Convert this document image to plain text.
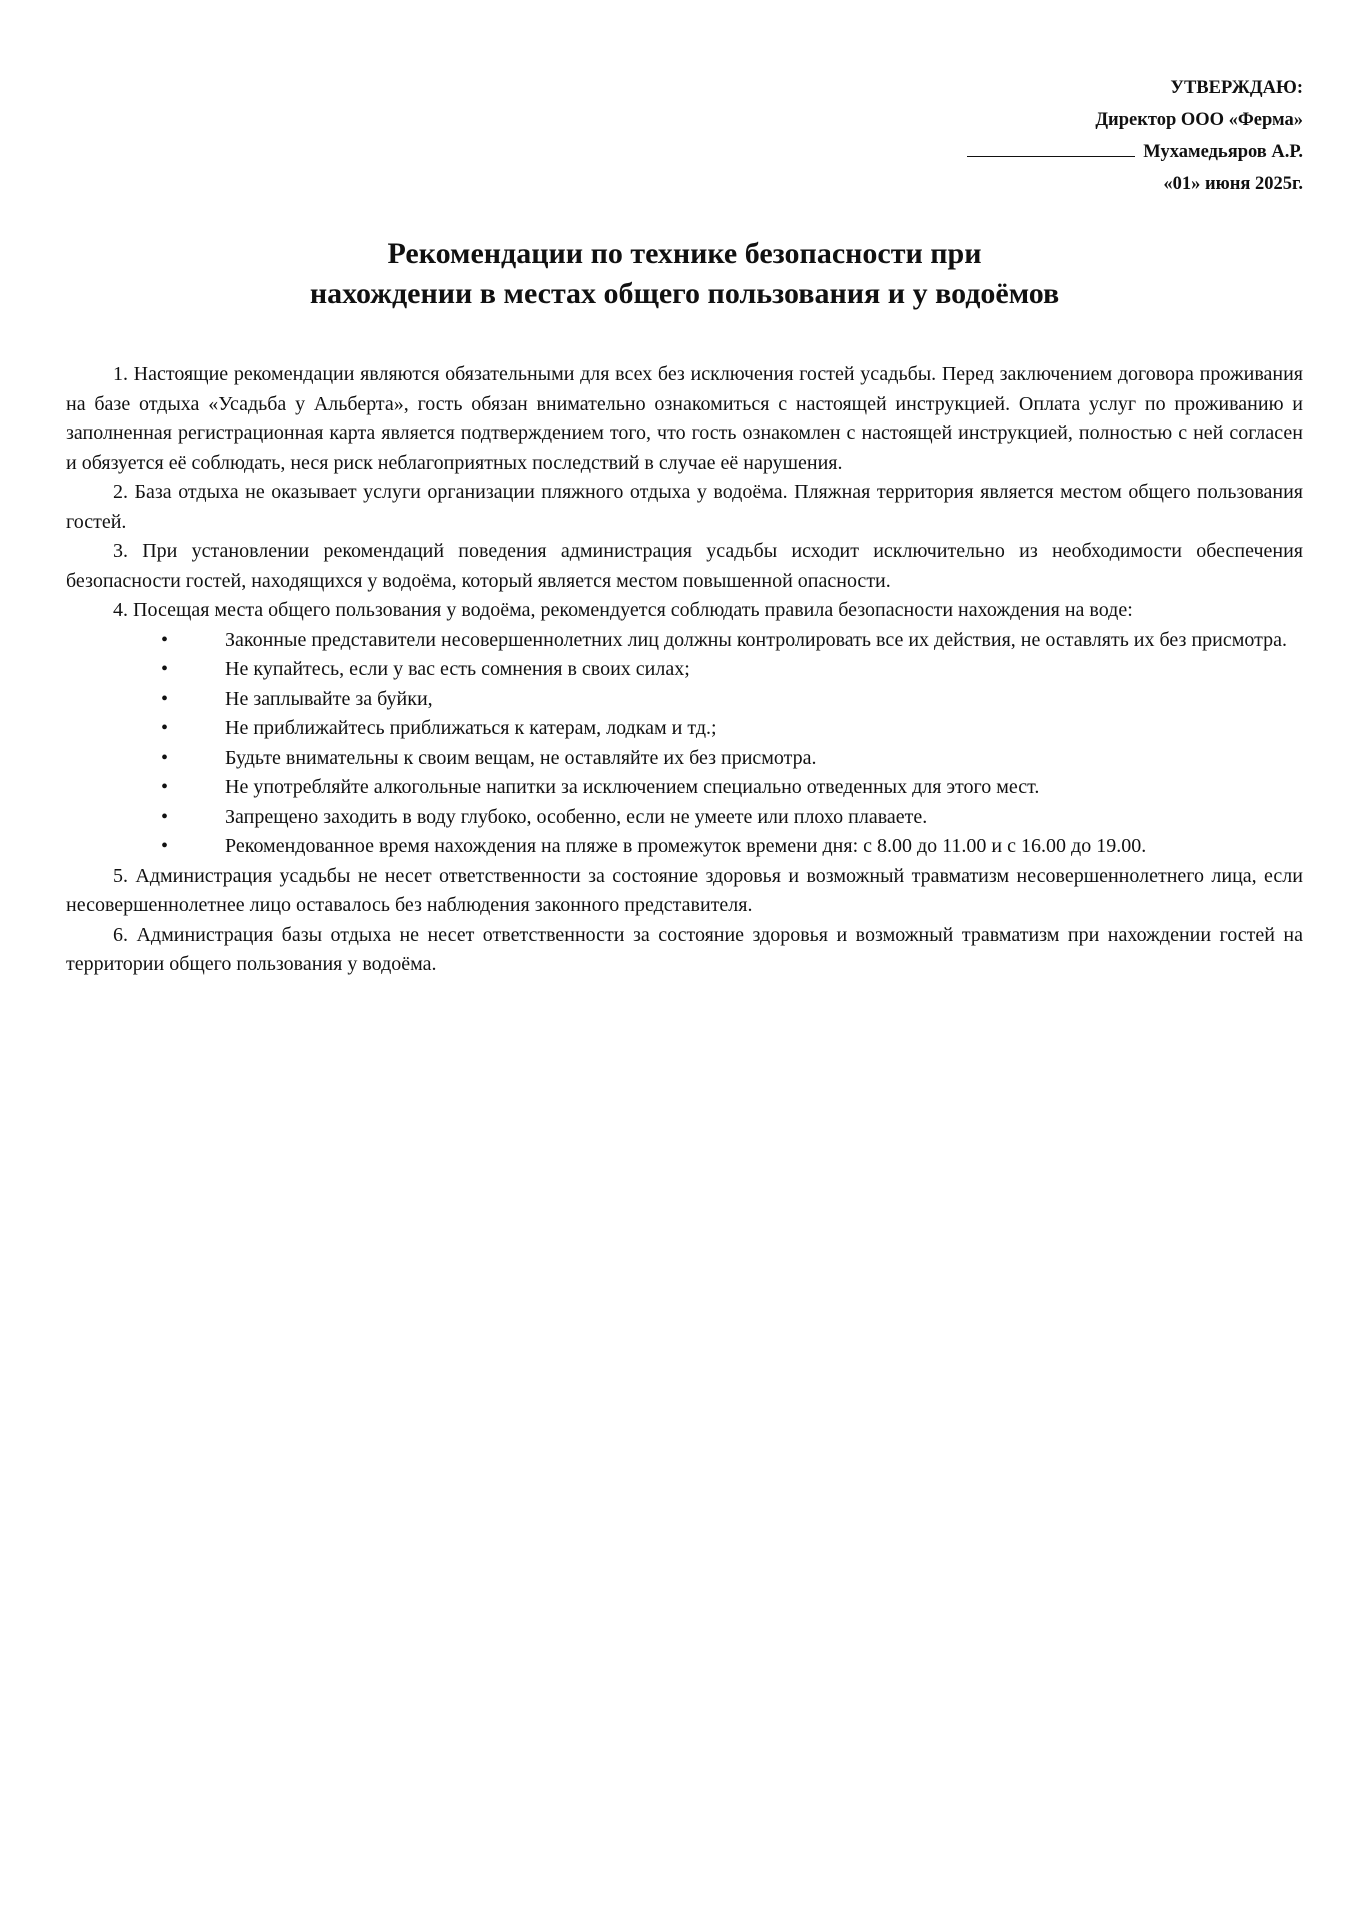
УТВЕРЖДАЮ:
Директор ООО «Ферма»
Мухамедьяров А.Р.
«01» июня 2025г.
Рекомендации по технике безопасности при
нахождении в местах общего пользования и у водоёмов

1. Настоящие рекомендации являются обязательными для всех без исключения гостей усадьбы. Перед заключением договора проживания на базе отдыха «Усадьба у Альберта», гость обязан внимательно ознакомиться с настоящей инструкцией. Оплата услуг по проживанию и заполненная регистрационная карта является подтверждением того, что гость ознакомлен с настоящей инструкцией, полностью с ней согласен и обязуется её соблюдать, неся риск неблагоприятных последствий в случае её нарушения.

2. База отдыха не оказывает услуги организации пляжного отдыха у водоёма. Пляжная территория является местом общего пользования гостей.

3. При установлении рекомендаций поведения администрация усадьбы исходит исключительно из необходимости обеспечения безопасности гостей, находящихся у водоёма, который является местом повышенной опасности.

4. Посещая места общего пользования у водоёма, рекомендуется соблюдать правила безопасности нахождения на воде:

•	Законные представители несовершеннолетних лиц должны контролировать все их действия, не оставлять их без присмотра.
•	Не купайтесь, если у вас есть сомнения в своих силах;
•	Не заплывайте за буйки,
•	Не приближайтесь приближаться к катерам, лодкам и тд.;
•	Будьте внимательны к своим вещам, не оставляйте их без присмотра.
•	Не употребляйте алкогольные напитки за исключением специально отведенных для этого мест.
•	Запрещено заходить в воду глубоко, особенно, если не умеете или плохо плаваете.
•	Рекомендованное время нахождения на пляже в промежуток времени дня: с 8.00 до 11.00 и с 16.00 до 19.00.

5. Администрация усадьбы не несет ответственности за состояние здоровья и возможный травматизм несовершеннолетнего лица, если несовершеннолетнее лицо оставалось без наблюдения законного представителя.

6. Администрация базы отдыха не несет ответственности за состояние здоровья и возможный травматизм при нахождении гостей на территории общего пользования у водоёма.
